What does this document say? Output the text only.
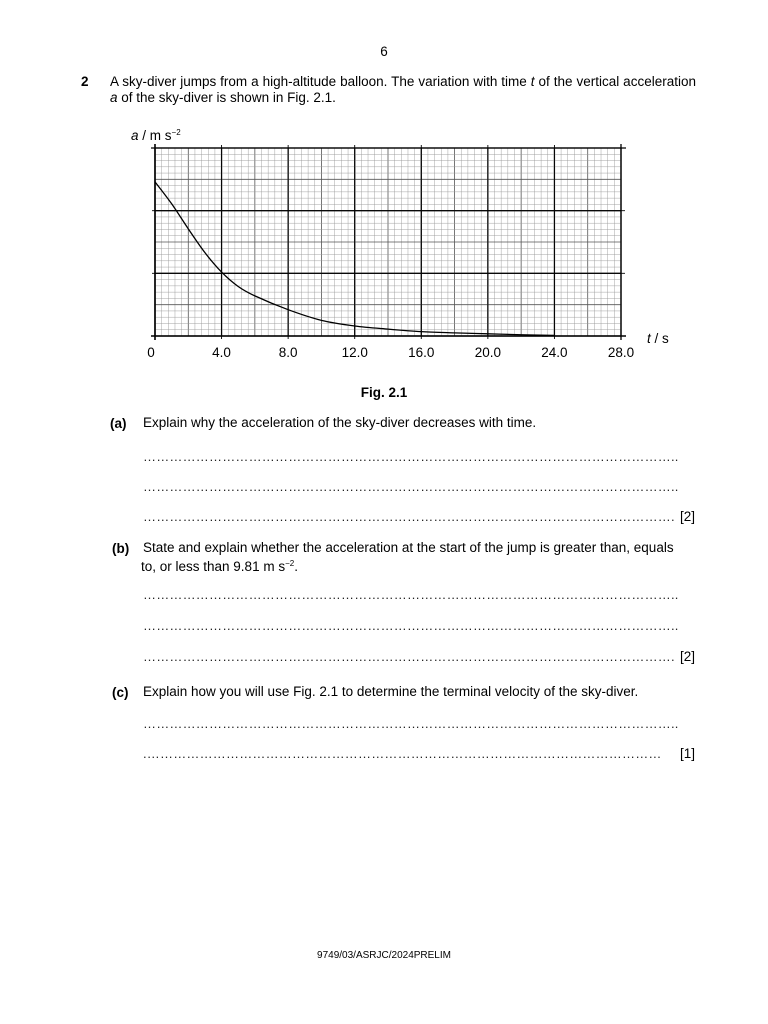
6
2 A sky-diver jumps from a high-altitude balloon. The variation with time t of the vertical acceleration a of the sky-diver is shown in Fig. 2.1.
a / m $s^{-2}$
0	4.0	8.0	12.0	16.0	20.0	24.0	28.0
t / s
Fig. 2.1
(a) Explain why the acceleration of the sky-diver decreases with time.
…………………………………………………………………………………………………………..
…………………………………………………………………………………………………………..
…………………………………………………………………………………………………………. [2]
(b) State and explain whether the acceleration at the start of the jump is greater than, equals
to, or less than 9.81 m $s^{-2}$.
…………………………………………………………………………………………………………..
…………………………………………………………………………………………………………..
…………………………………………………………………………………………………………. [2]
(c) Explain how you will use Fig. 2.1 to determine the terminal velocity of the sky-diver.
…………………………………………………………………………………………………………..
.………………………………………………………………………………………………………	[1]
9749/03/ASRJC/2024PRELIM
